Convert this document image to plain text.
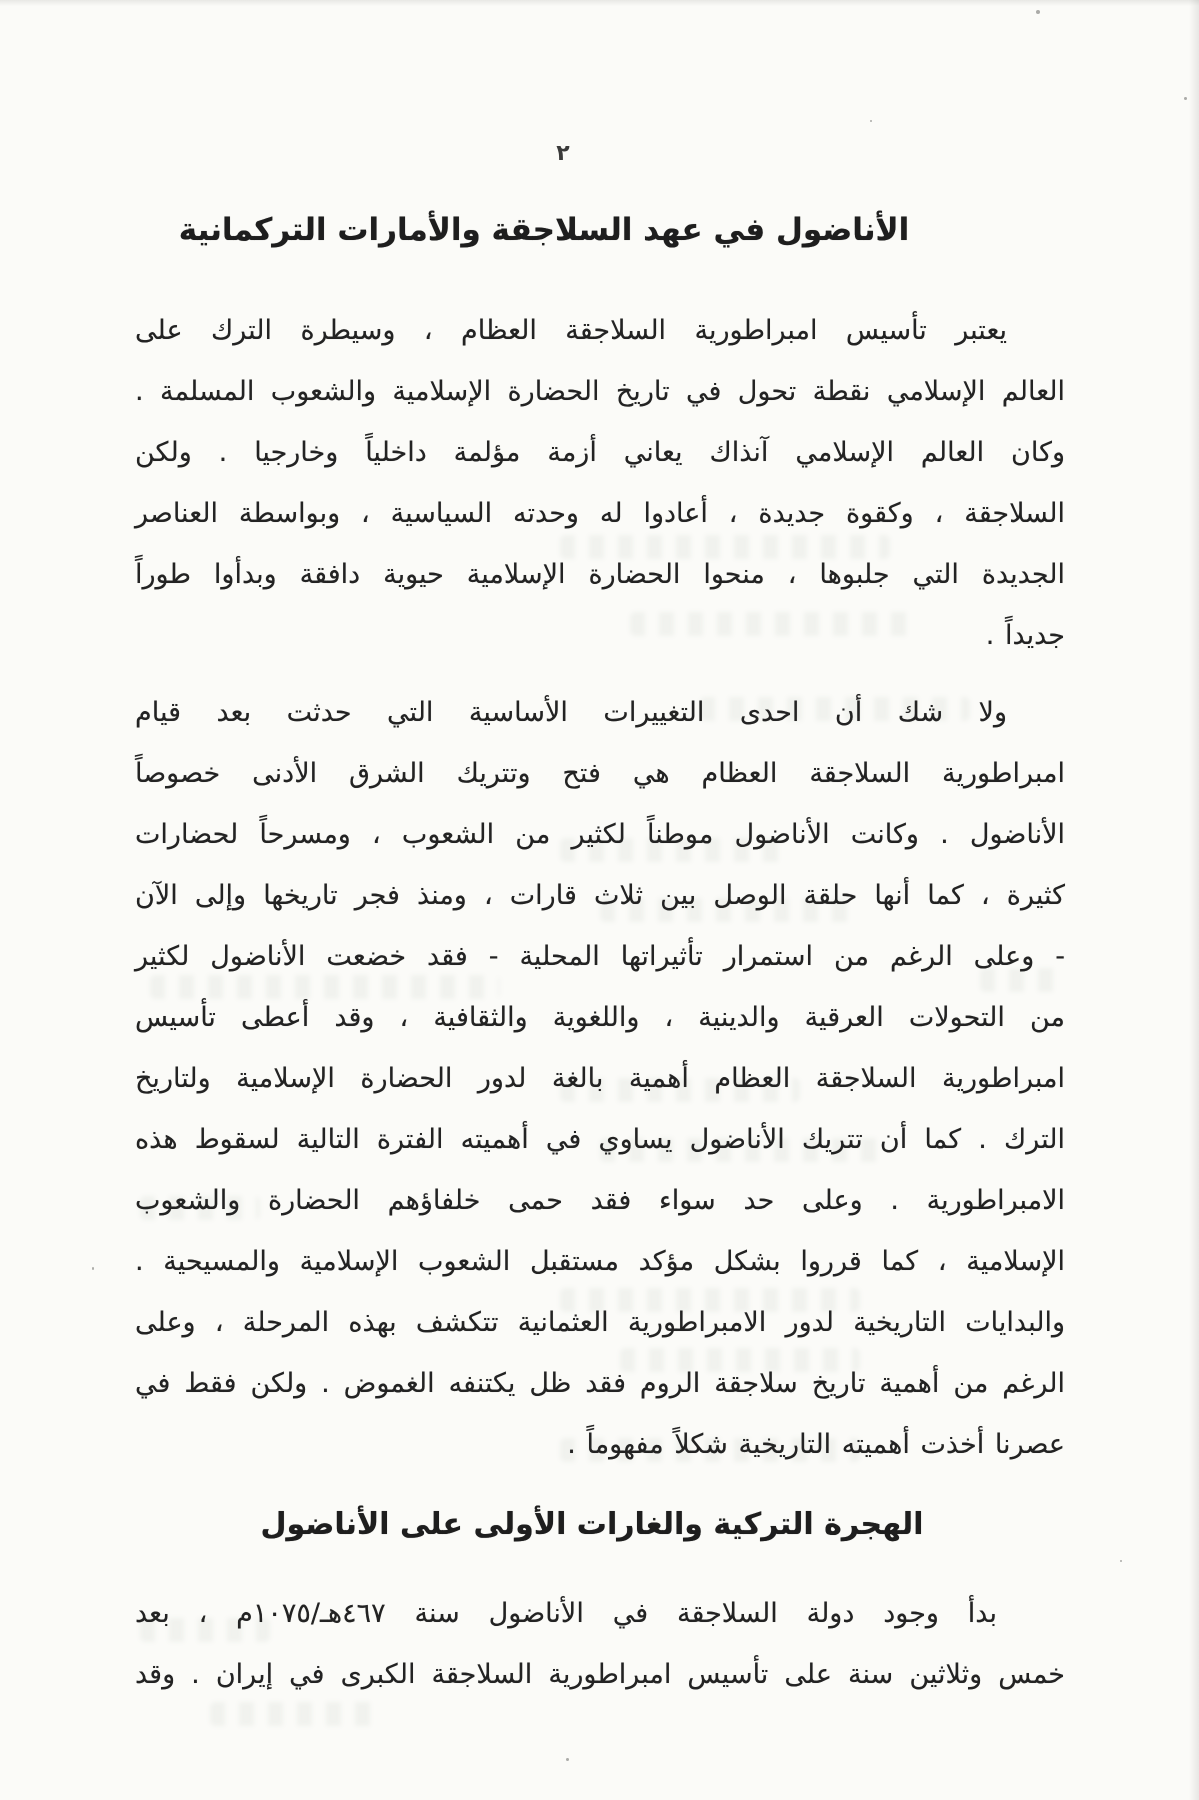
٢
الأناضول في عهد السلاجقة والأمارات التركمانية
يعتبر تأسيس امبراطورية السلاجقة العظام ، وسيطرة الترك على
العالم الإسلامي نقطة تحول في تاريخ الحضارة الإسلامية والشعوب المسلمة .
وكان العالم الإسلامي آنذاك يعاني أزمة مؤلمة داخلياً وخارجيا . ولكن
السلاجقة ، وكقوة جديدة ، أعادوا له وحدته السياسية ، وبواسطة العناصر
الجديدة التي جلبوها ، منحوا الحضارة الإسلامية حيوية دافقة وبدأوا طوراً
جديداً .
ولا شك أن احدى التغييرات الأساسية التي حدثت بعد قيام
امبراطورية السلاجقة العظام هي فتح وتتريك الشرق الأدنى خصوصاً
الأناضول . وكانت الأناضول موطناً لكثير من الشعوب ، ومسرحاً لحضارات
كثيرة ، كما أنها حلقة الوصل بين ثلاث قارات ، ومنذ فجر تاريخها وإلى الآن
- وعلى الرغم من استمرار تأثيراتها المحلية - فقد خضعت الأناضول لكثير
من التحولات العرقية والدينية ، واللغوية والثقافية ، وقد أعطى تأسيس
امبراطورية السلاجقة العظام أهمية بالغة لدور الحضارة الإسلامية ولتاريخ
الترك . كما أن تتريك الأناضول يساوي في أهميته الفترة التالية لسقوط هذه
الامبراطورية . وعلى حد سواء فقد حمى خلفاؤهم الحضارة والشعوب
الإسلامية ، كما قرروا بشكل مؤكد مستقبل الشعوب الإسلامية والمسيحية .
والبدايات التاريخية لدور الامبراطورية العثمانية تتكشف بهذه المرحلة ، وعلى
الرغم من أهمية تاريخ سلاجقة الروم فقد ظل يكتنفه الغموض . ولكن فقط في
عصرنا أخذت أهميته التاريخية شكلاً مفهوماً .
الهجرة التركية والغارات الأولى على الأناضول
بدأ وجود دولة السلاجقة في الأناضول سنة ٤٦٧هـ/١٠٧٥م ، بعد
خمس وثلاثين سنة على تأسيس امبراطورية السلاجقة الكبرى في إيران . وقد
